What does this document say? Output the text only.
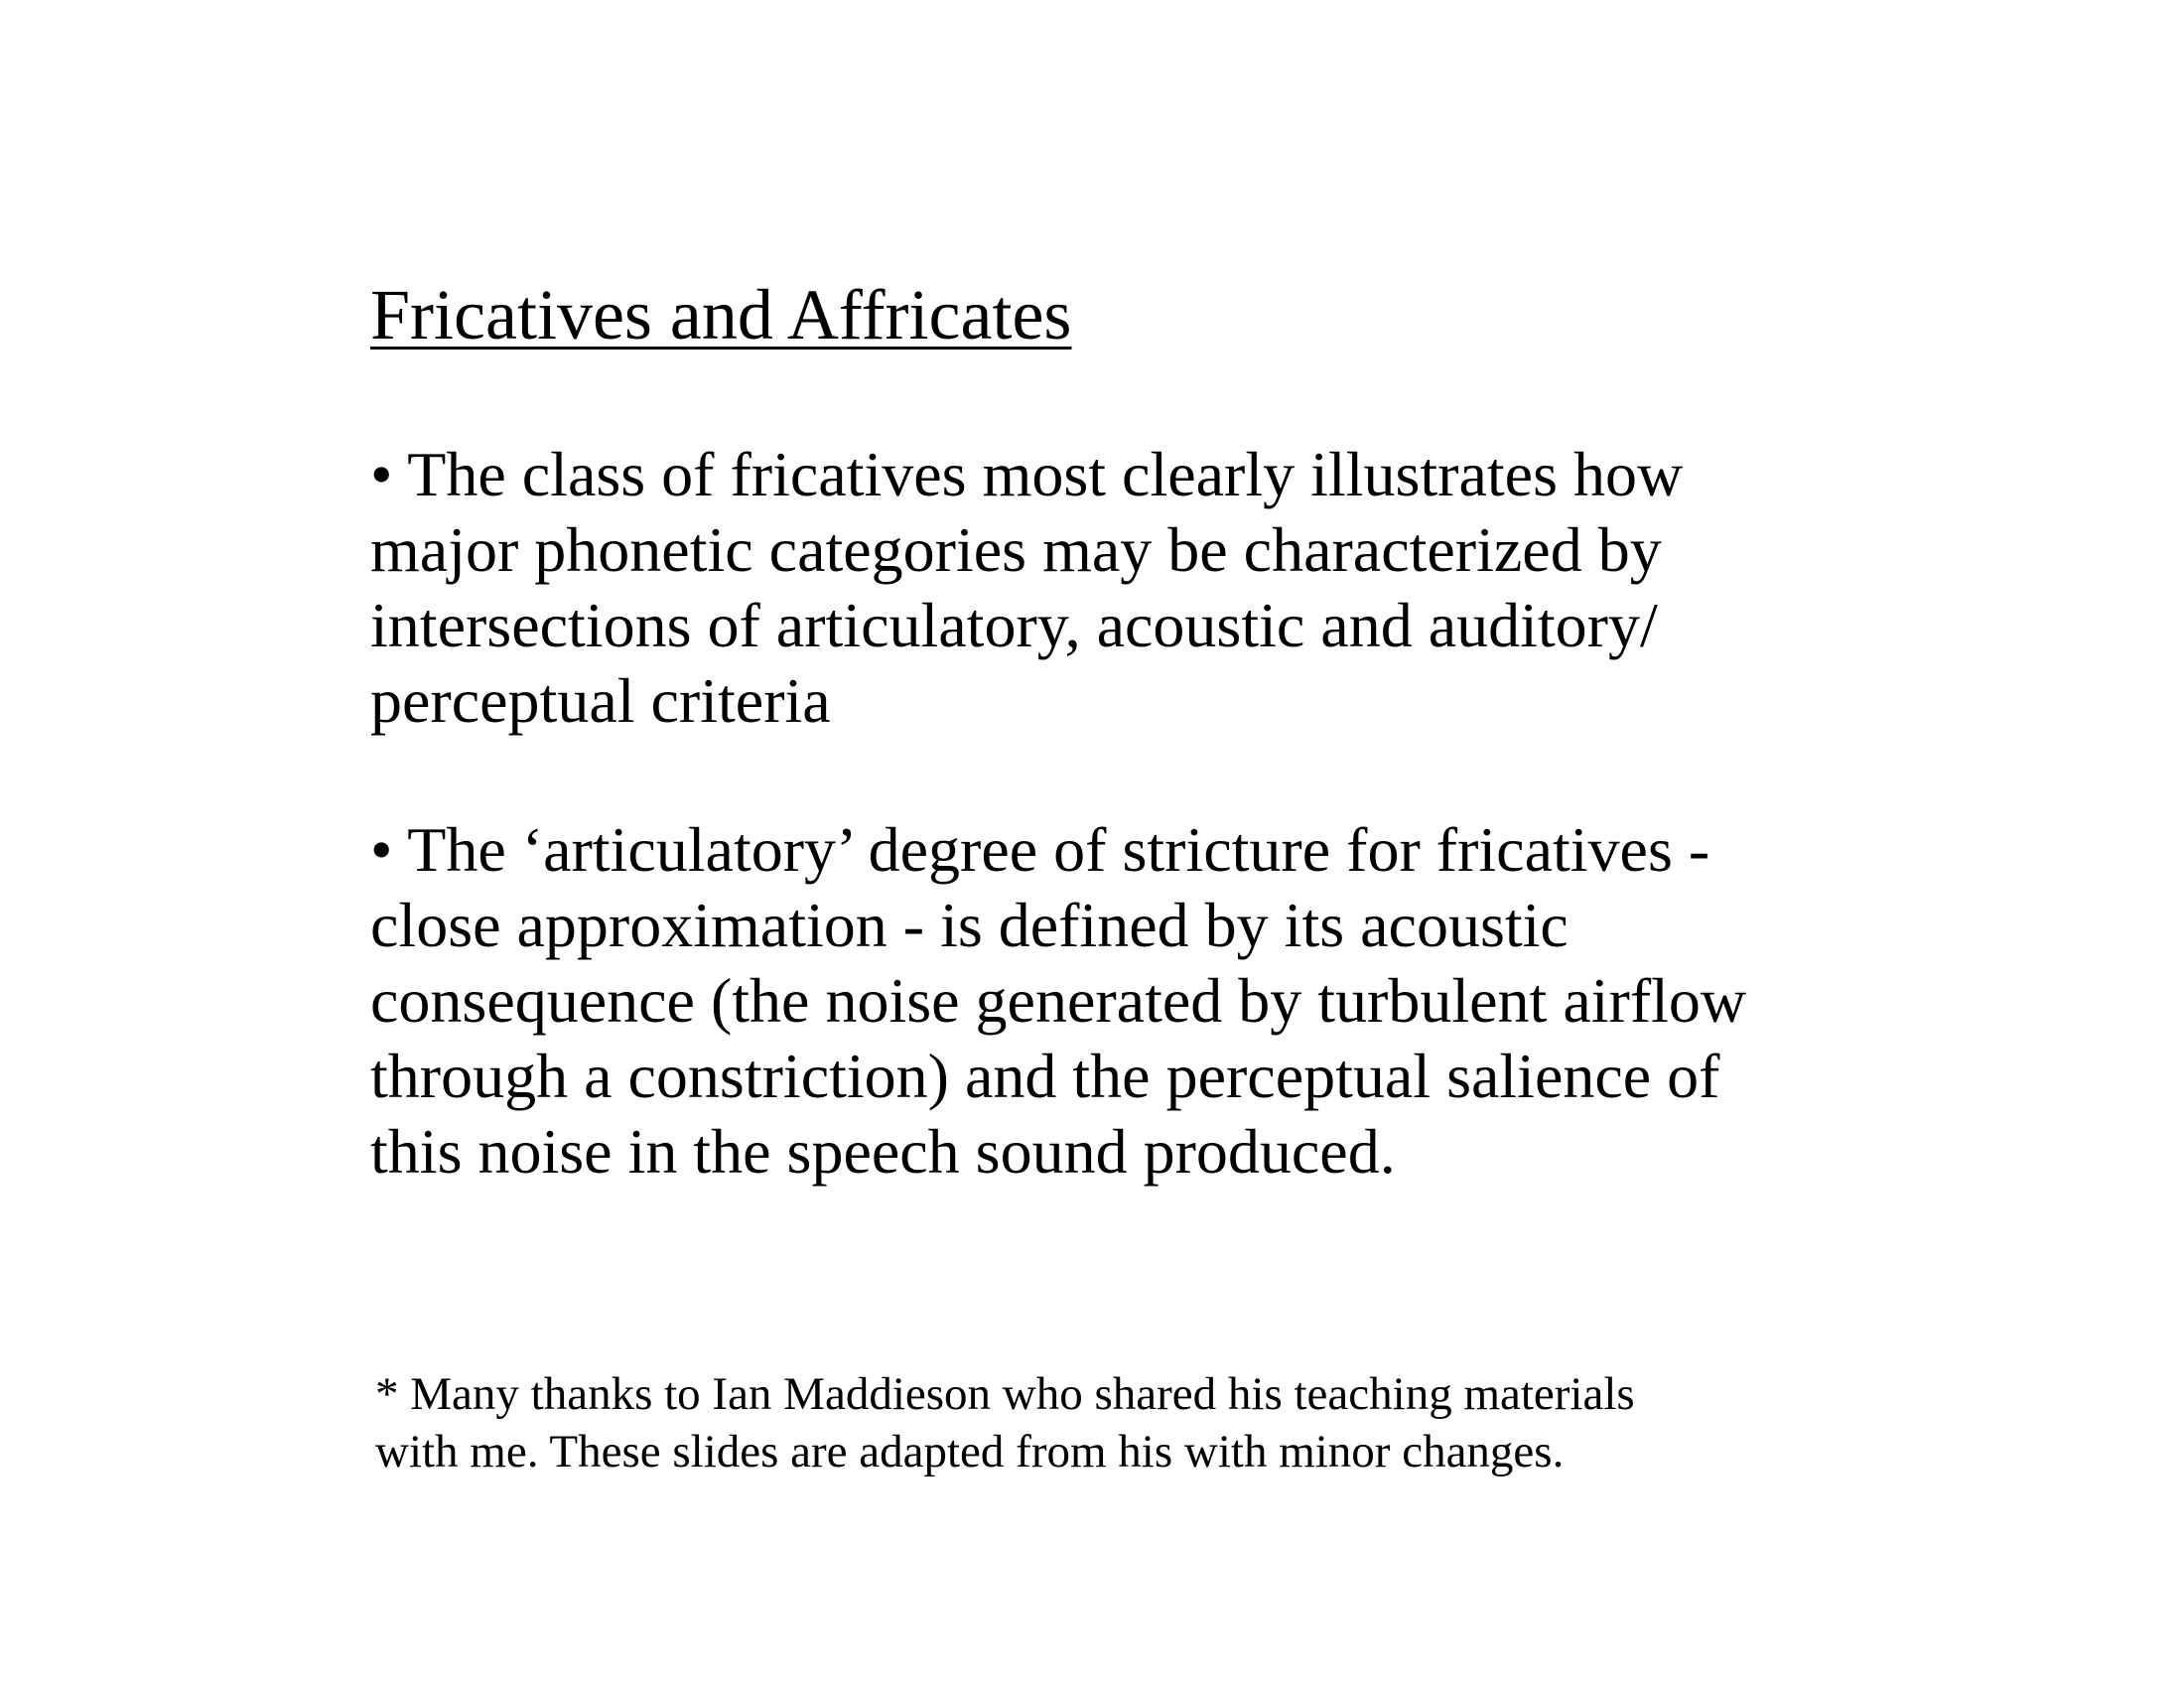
Fricatives and Affricates
• The class of fricatives most clearly illustrates how
major phonetic categories may be characterized by
intersections of articulatory, acoustic and auditory/
perceptual criteria
• The ‘articulatory’ degree of stricture for fricatives -
close approximation - is defined by its acoustic
consequence (the noise generated by turbulent airflow
through a constriction) and the perceptual salience of
this noise in the speech sound produced.
* Many thanks to Ian Maddieson who shared his teaching materials
with me. These slides are adapted from his with minor changes.
